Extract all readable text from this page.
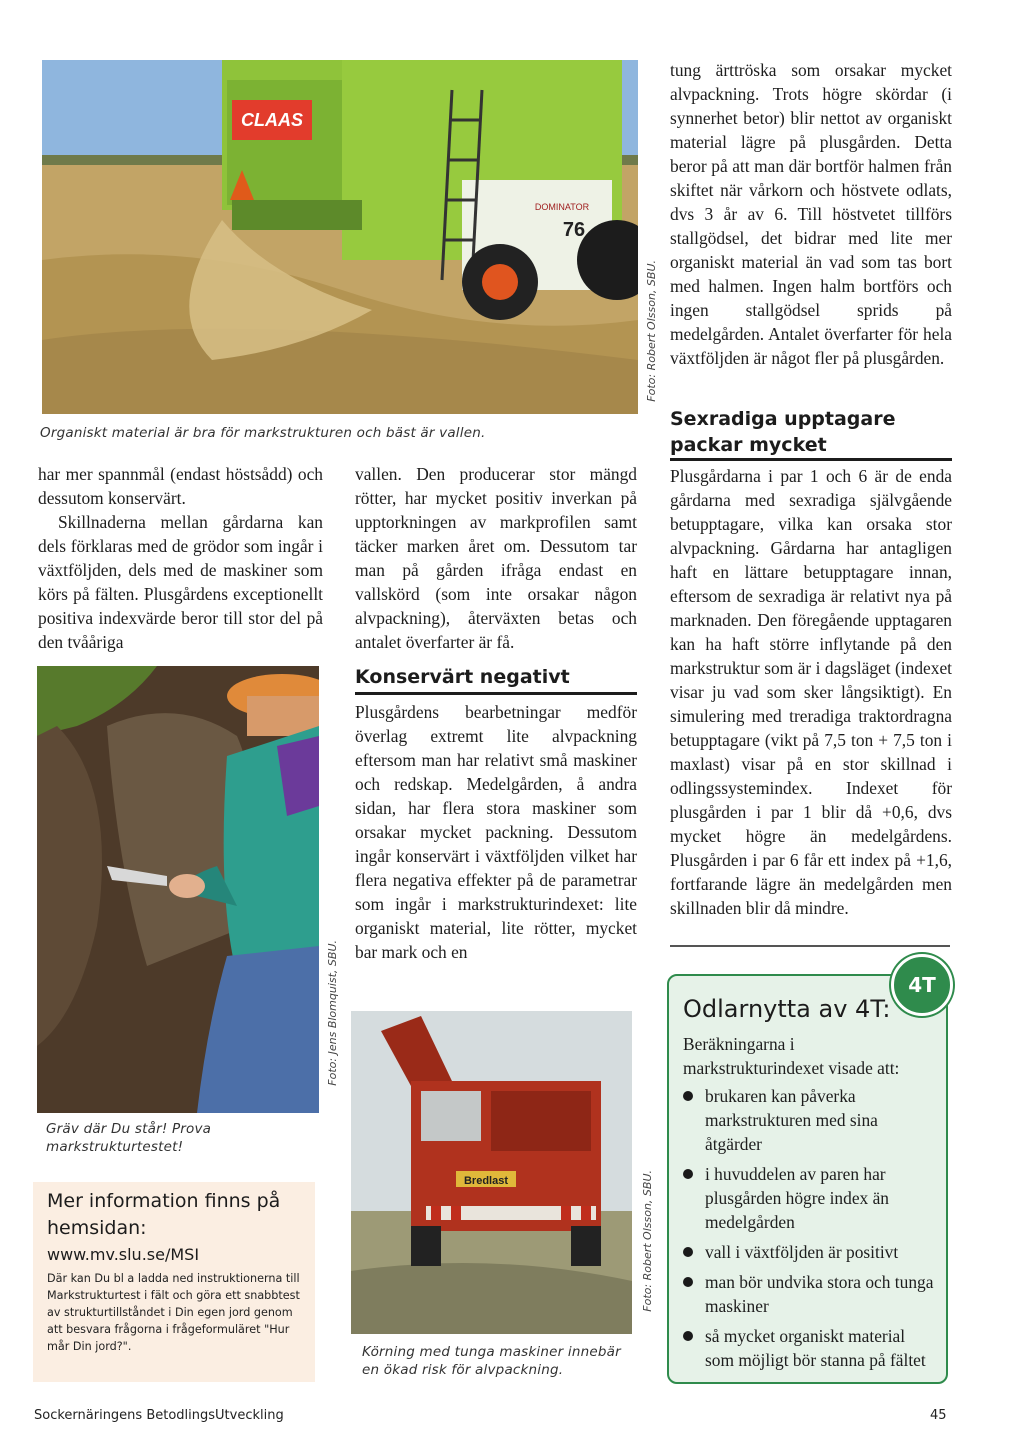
CLAAS
DOMINATOR
76
Foto: Robert Olsson, SBU.

Organiskt material är bra för markstrukturen och bäst är vallen.

har mer spannmål (endast höstsådd) och dessutom konservärt.

Skillnaderna mellan gårdarna kan dels förklaras med de grödor som ingår i växtföljden, dels med de maskiner som körs på fälten. Plusgårdens exceptionellt positiva indexvärde beror till stor del på den tvååriga

Foto: Jens Blomquist, SBU.

Gräv där Du står! Prova markstrukturtestet!

Mer information finns på hemsidan:
www.mv.slu.se/MSI
Där kan Du bl a ladda ned instruktionerna till Markstrukturtest i fält och göra ett snabbtest av strukturtillståndet i Din egen jord genom att besvara frågorna i frågeformuläret "Hur mår Din jord?".

vallen. Den producerar stor mängd rötter, har mycket positiv inverkan på upptorkningen av markprofilen samt täcker marken året om. Dessutom tar man på gården ifråga endast en vallskörd (som inte orsakar någon alvpackning), återväxten betas och antalet överfarter är få.

Konservärt negativt

Plusgårdens bearbetningar medför överlag extremt lite alvpackning eftersom man har relativt små maskiner och redskap. Medelgården, å andra sidan, har flera stora maskiner som orsakar mycket packning. Dessutom ingår konservärt i växtföljden vilket har flera negativa effekter på de parametrar som ingår i markstrukturindexet: lite organiskt material, lite rötter, mycket bar mark och en

Bredlast	Foto: Robert Olsson, SBU.

Körning med tunga maskiner innebär en ökad risk för alvpackning.

tung ärttröska som orsakar mycket alvpackning. Trots högre skördar (i synnerhet betor) blir nettot av organiskt material lägre på plusgården. Detta beror på att man där bortför halmen från skiftet när vårkorn och höstvete odlats, dvs 3 år av 6. Till höstvetet tillförs stallgödsel, det bidrar med lite mer organiskt material än vad som tas bort med halmen. Ingen halm bortförs och ingen stallgödsel sprids på medelgården. Antalet överfarter för hela växtföljden är något fler på plusgården.

Sexradiga upptagare packar mycket

Plusgårdarna i par 1 och 6 är de enda gårdarna med sexradiga självgående betupptagare, vilka kan orsaka stor alvpackning. Gårdarna har antagligen haft en lättare betupptagare innan, eftersom de sexradiga är relativt nya på marknaden. Den föregående upptagaren kan ha haft större inflytande på den markstruktur som är i dagsläget (indexet visar ju vad som sker långsiktigt). En simulering med treradiga traktordragna betupptagare (vikt på 7,5 ton + 7,5 ton i maxlast) visar på en stor skillnad i odlingssystemindex. Indexet för plusgården i par 1 blir då +0,6, dvs mycket högre än medelgårdens. Plusgården i par 6 får ett index på +1,6, fortfarande lägre än medelgården men skillnaden blir då mindre.

Odlarnytta av 4T:
4T
Beräkningarna i markstrukturindexet visade att:
brukaren kan påverka markstrukturen med sina åtgärder
i huvuddelen av paren har plusgården högre index än medelgården
vall i växtföljden är positivt
man bör undvika stora och tunga maskiner
så mycket organiskt material som möjligt bör stanna på fältet
Sockernäringens BetodlingsUtveckling	45
